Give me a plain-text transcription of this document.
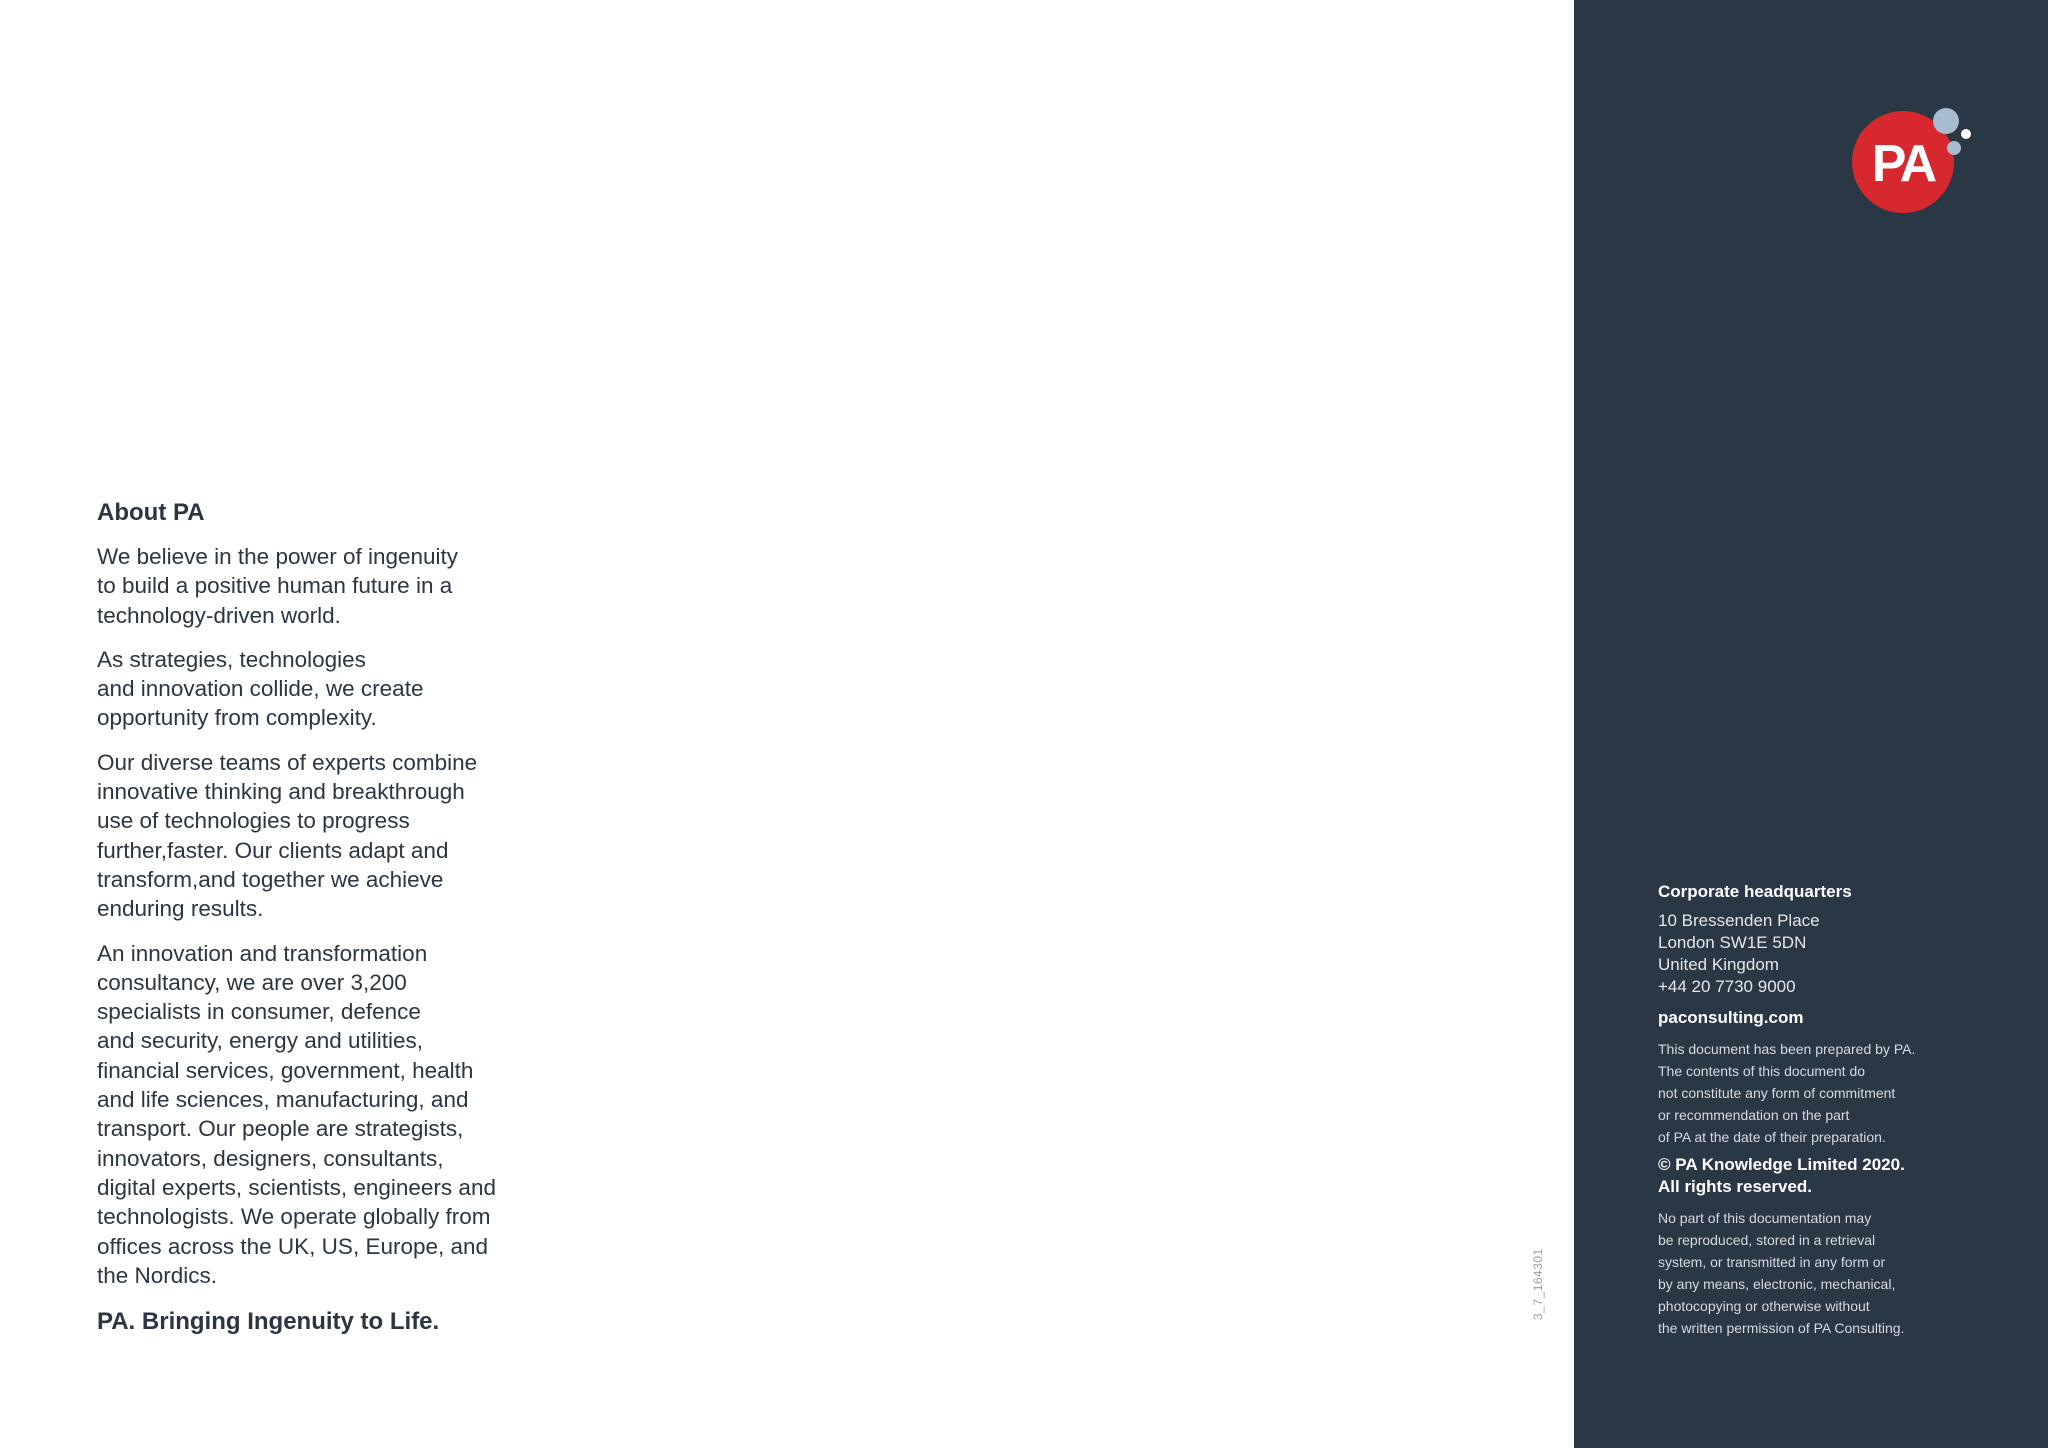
About PA

We believe in the power of ingenuity
to build a positive human future in a
technology-driven world.

As strategies, technologies
and innovation collide, we create
opportunity from complexity.

Our diverse teams of experts combine
innovative thinking and breakthrough
use of technologies to progress
further,faster. Our clients adapt and
transform,and together we achieve
enduring results.

An innovation and transformation
consultancy, we are over 3,200
specialists in consumer, defence
and security, energy and utilities,
financial services, government, health
and life sciences, manufacturing, and
transport. Our people are strategists,
innovators, designers, consultants,
digital experts, scientists, engineers and
technologists. We operate globally from
offices across the UK, US, Europe, and
the Nordics.

PA. Bringing Ingenuity to Life.
3_7_164301
PA
Corporate headquarters
10 Bressenden Place
London SW1E 5DN
United Kingdom
+44 20 7730 9000
paconsulting.com
This document has been prepared by PA.
The contents of this document do
not constitute any form of commitment
or recommendation on the part
of PA at the date of their preparation.
© PA Knowledge Limited 2020.
All rights reserved.
No part of this documentation may
be reproduced, stored in a retrieval
system, or transmitted in any form or
by any means, electronic, mechanical,
photocopying or otherwise without
the written permission of PA Consulting.
